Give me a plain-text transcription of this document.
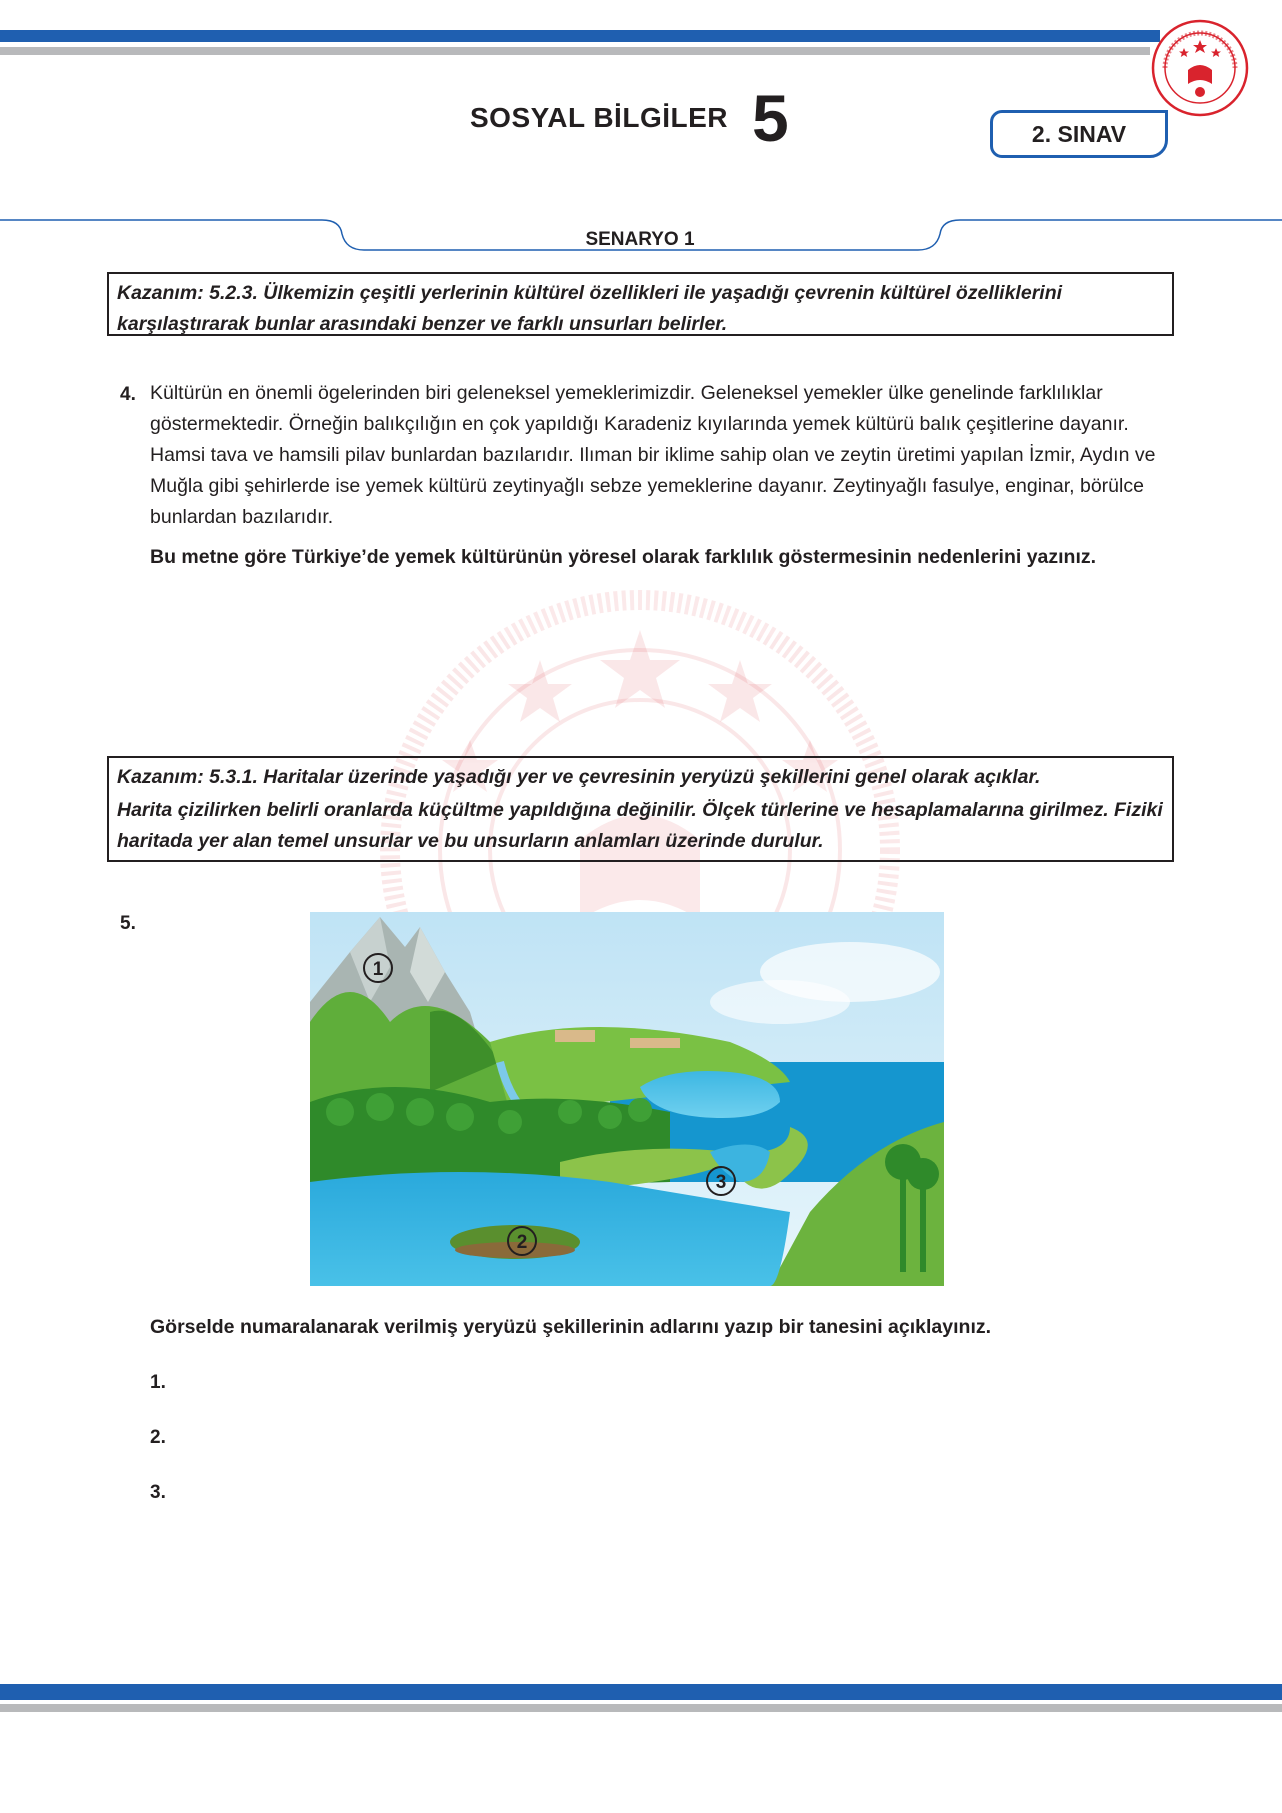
SOSYAL BİLGİLER 5	2. SINAV
SENARYO 1

Kazanım: 5.2.3. Ülkemizin çeşitli yerlerinin kültürel özellikleri ile yaşadığı çevrenin kültürel özelliklerini karşılaştırarak bunlar arasındaki benzer ve farklı unsurları belirler.

4. Kültürün en önemli ögelerinden biri geleneksel yemeklerimizdir. Geleneksel yemekler ülke genelinde farklılıklar göstermektedir. Örneğin balıkçılığın en çok yapıldığı Karadeniz kıyılarında yemek kültürü balık çeşitlerine dayanır. Hamsi tava ve hamsili pilav bunlardan bazılarıdır. Ilıman bir iklime sahip olan ve zeytin üretimi yapılan İzmir, Aydın ve Muğla gibi şehirlerde ise yemek kültürü zeytinyağlı sebze yemeklerine dayanır. Zeytinyağlı fasulye, enginar, börülce bunlardan bazılarıdır.
Bu metne göre Türkiye’de yemek kültürünün yöresel olarak farklılık göstermesinin nedenlerini yazınız.

Kazanım: 5.3.1. Haritalar üzerinde yaşadığı yer ve çevresinin yeryüzü şekillerini genel olarak açıklar.

Harita çizilirken belirli oranlarda küçültme yapıldığına değinilir. Ölçek türlerine ve hesaplamalarına girilmez. Fiziki haritada yer alan temel unsurlar ve bu unsurların anlamları üzerinde durulur.

5.
1
2
3
Görselde numaralanarak verilmiş yeryüzü şekillerinin adlarını yazıp bir tanesini açıklayınız.
1.
2.
3.
